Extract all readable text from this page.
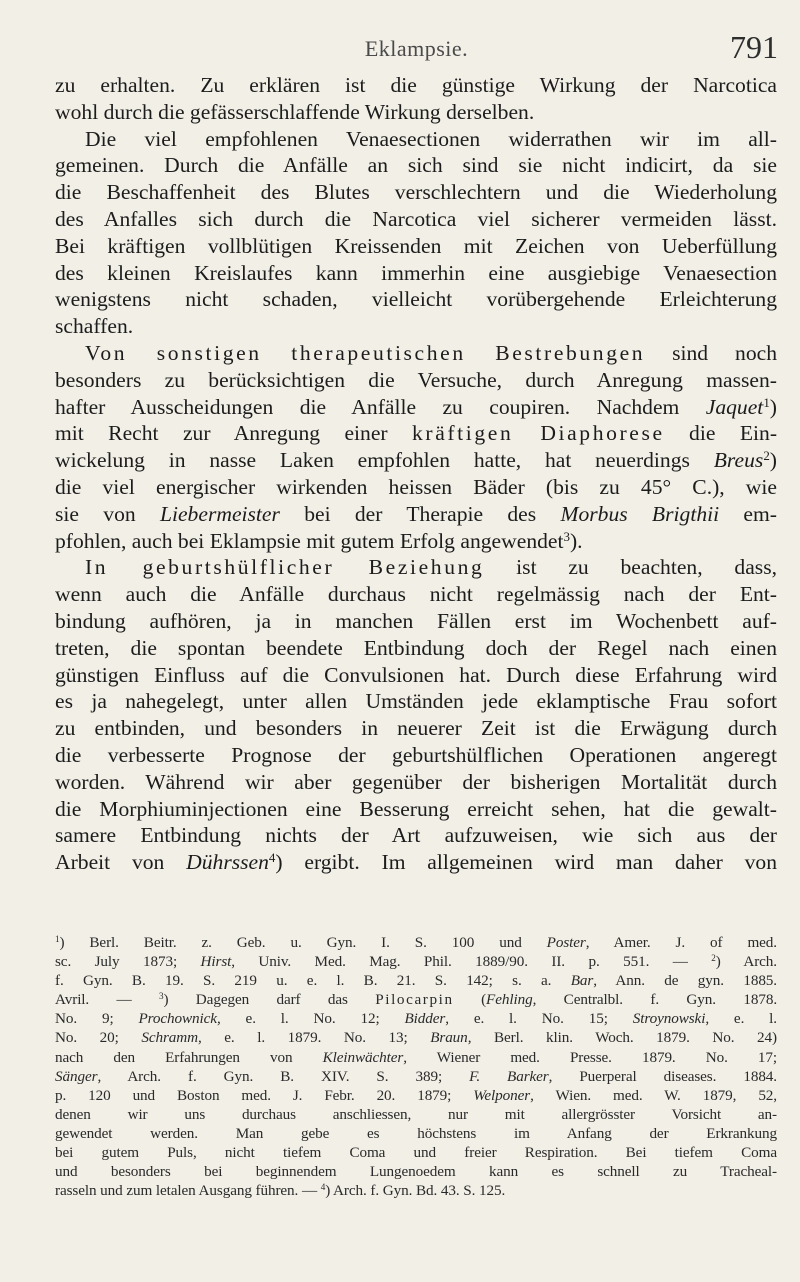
Eklampsie.	791
zu erhalten. Zu erklären ist die günstige Wirkung der Narcotica
wohl durch die gefässerschlaffende Wirkung derselben.
Die viel empfohlenen Venaesectionen widerrathen wir im all-
gemeinen. Durch die Anfälle an sich sind sie nicht indicirt, da sie
die Beschaffenheit des Blutes verschlechtern und die Wiederholung
des Anfalles sich durch die Narcotica viel sicherer vermeiden lässt.
Bei kräftigen vollblütigen Kreissenden mit Zeichen von Ueberfüllung
des kleinen Kreislaufes kann immerhin eine ausgiebige Venaesection
wenigstens nicht schaden, vielleicht vorübergehende Erleichterung
schaffen.
Von sonstigen therapeutischen Bestrebungen sind noch
besonders zu berücksichtigen die Versuche, durch Anregung massen-
hafter Ausscheidungen die Anfälle zu coupiren. Nachdem Jaquet$^1$)
mit Recht zur Anregung einer kräftigen Diaphorese die Ein-
wickelung in nasse Laken empfohlen hatte, hat neuerdings Breus$^2$)
die viel energischer wirkenden heissen Bäder (bis zu 45° C.), wie
sie von Liebermeister bei der Therapie des Morbus Brigthii em-
pfohlen, auch bei Eklampsie mit gutem Erfolg angewendet$^3$).
In geburtshülflicher Beziehung ist zu beachten, dass,
wenn auch die Anfälle durchaus nicht regelmässig nach der Ent-
bindung aufhören, ja in manchen Fällen erst im Wochenbett auf-
treten, die spontan beendete Entbindung doch der Regel nach einen
günstigen Einfluss auf die Convulsionen hat. Durch diese Erfahrung wird
es ja nahegelegt, unter allen Umständen jede eklamptische Frau sofort
zu entbinden, und besonders in neuerer Zeit ist die Erwägung durch
die verbesserte Prognose der geburtshülflichen Operationen angeregt
worden. Während wir aber gegenüber der bisherigen Mortalität durch
die Morphiuminjectionen eine Besserung erreicht sehen, hat die gewalt-
samere Entbindung nichts der Art aufzuweisen, wie sich aus der
Arbeit von Dührssen$^4$) ergibt. Im allgemeinen wird man daher von
$^1$) Berl. Beitr. z. Geb. u. Gyn. I. S. 100 und Poster, Amer. J. of med.
sc. July 1873; Hirst, Univ. Med. Mag. Phil. 1889/90. II. p. 551. — $^2$) Arch.
f. Gyn. B. 19. S. 219 u. e. l. B. 21. S. 142; s. a. Bar, Ann. de gyn. 1885.
Avril. — $^3$) Dagegen darf das Pilocarpin (Fehling, Centralbl. f. Gyn. 1878.
No. 9; Prochownick, e. l. No. 12; Bidder, e. l. No. 15; Stroynowski, e. l.
No. 20; Schramm, e. l. 1879. No. 13; Braun, Berl. klin. Woch. 1879. No. 24)
nach den Erfahrungen von Kleinwächter, Wiener med. Presse. 1879. No. 17;
Sänger, Arch. f. Gyn. B. XIV. S. 389; F. Barker, Puerperal diseases. 1884.
p. 120 und Boston med. J. Febr. 20. 1879; Welponer, Wien. med. W. 1879, 52,
denen wir uns durchaus anschliessen, nur mit allergrösster Vorsicht an-
gewendet werden. Man gebe es höchstens im Anfang der Erkrankung
bei gutem Puls, nicht tiefem Coma und freier Respiration. Bei tiefem Coma
und besonders bei beginnendem Lungenoedem kann es schnell zu Tracheal-
rasseln und zum letalen Ausgang führen. — $^4$) Arch. f. Gyn. Bd. 43. S. 125.
